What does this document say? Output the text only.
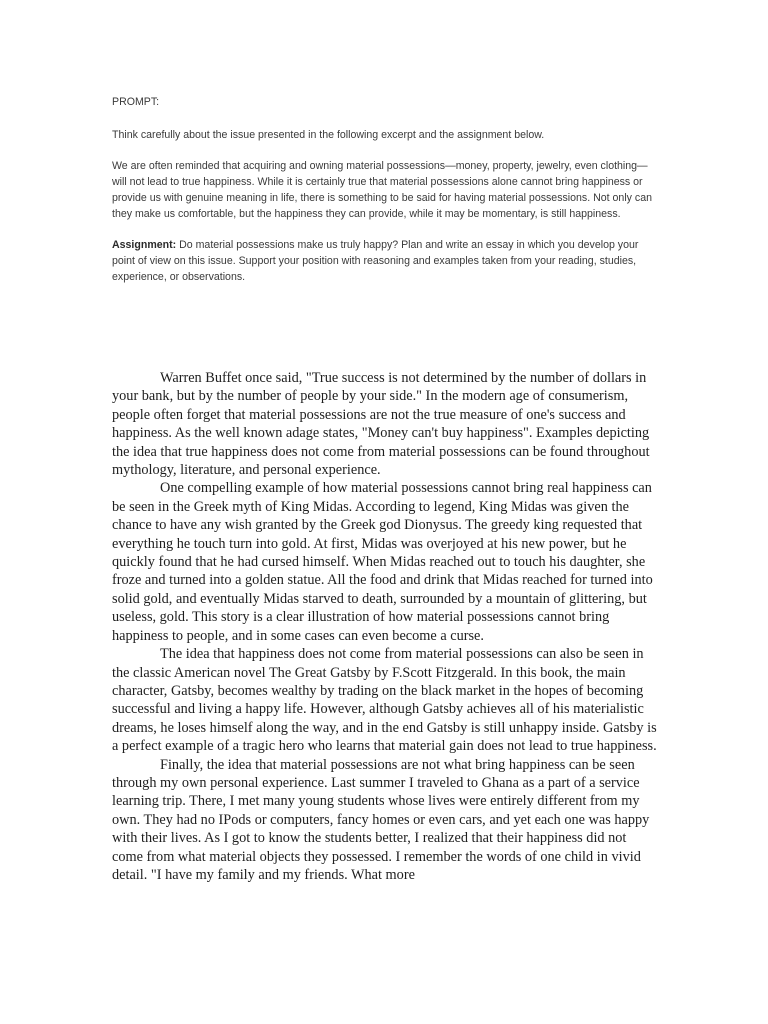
PROMPT:

Think carefully about the issue presented in the following excerpt and the assignment below.

We are often reminded that acquiring and owning material possessions—money, property, jewelry, even clothing—will not lead to true happiness. While it is certainly true that material possessions alone cannot bring happiness or provide us with genuine meaning in life, there is something to be said for having material possessions. Not only can they make us comfortable, but the happiness they can provide, while it may be momentary, is still happiness.

Assignment: Do material possessions make us truly happy? Plan and write an essay in which you develop your point of view on this issue. Support your position with reasoning and examples taken from your reading, studies, experience, or observations.

Warren Buffet once said, "True success is not determined by the number of dollars in your bank, but by the number of people by your side." In the modern age of consumerism, people often forget that material possessions are not the true measure of one's success and happiness. As the well known adage states, "Money can't buy happiness". Examples depicting the idea that true happiness does not come from material possessions can be found throughout mythology, literature, and personal experience.

One compelling example of how material possessions cannot bring real happiness can be seen in the Greek myth of King Midas. According to legend, King Midas was given the chance to have any wish granted by the Greek god Dionysus. The greedy king requested that everything he touch turn into gold. At first, Midas was overjoyed at his new power, but he quickly found that he had cursed himself. When Midas reached out to touch his daughter, she froze and turned into a golden statue. All the food and drink that Midas reached for turned into solid gold, and eventually Midas starved to death, surrounded by a mountain of glittering, but useless, gold. This story is a clear illustration of how material possessions cannot bring happiness to people, and in some cases can even become a curse.

The idea that happiness does not come from material possessions can also be seen in the classic American novel The Great Gatsby by F.Scott Fitzgerald. In this book, the main character, Gatsby, becomes wealthy by trading on the black market in the hopes of becoming successful and living a happy life. However, although Gatsby achieves all of his materialistic dreams, he loses himself along the way, and in the end Gatsby is still unhappy inside. Gatsby is a perfect example of a tragic hero who learns that material gain does not lead to true happiness.

Finally, the idea that material possessions are not what bring happiness can be seen through my own personal experience. Last summer I traveled to Ghana as a part of a service learning trip. There, I met many young students whose lives were entirely different from my own. They had no IPods or computers, fancy homes or even cars, and yet each one was happy with their lives. As I got to know the students better, I realized that their happiness did not come from what material objects they possessed. I remember the words of one child in vivid detail. "I have my family and my friends. What more
